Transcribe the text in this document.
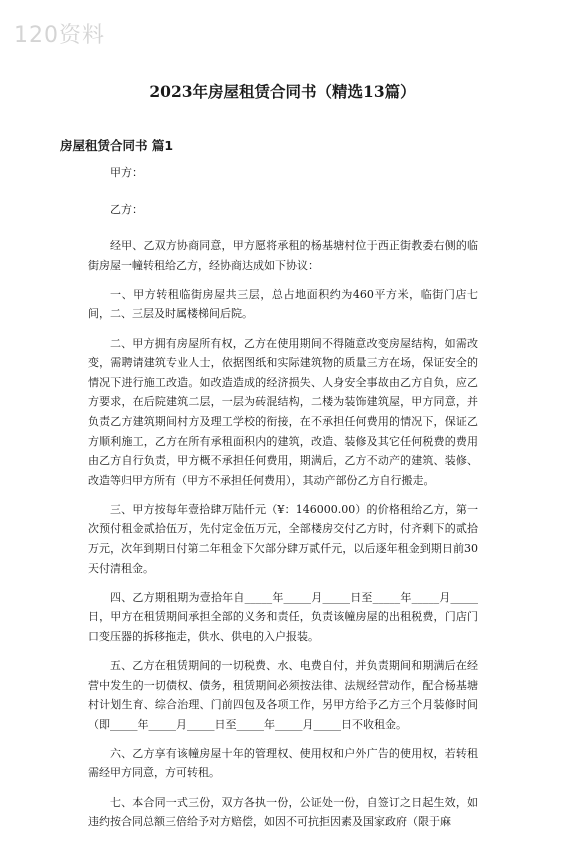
120资料
2023年房屋租赁合同书（精选13篇）
房屋租赁合同书 篇1

甲方：

乙方：

经甲、乙双方协商同意，甲方愿将承租的杨基塘村位于西正街教委右侧的临街房屋一幢转租给乙方，经协商达成如下协议：

一、甲方转租临街房屋共三层，总占地面积约为460平方米，临街门店七间，二、三层及时属楼梯间后院。

二、甲方拥有房屋所有权，乙方在使用期间不得随意改变房屋结构，如需改变，需聘请建筑专业人士，依据图纸和实际建筑物的质量三方在场，保证安全的情况下进行施工改造。如改造造成的经济损失、人身安全事故由乙方自负，应乙方要求，在后院建筑二层，一层为砖混结构，二楼为装饰建筑屋，甲方同意，并负责乙方建筑期间村方及理工学校的衔接，在不承担任何费用的情况下，保证乙方顺利施工，乙方在所有承租面积内的建筑，改造、装修及其它任何税费的费用由乙方自行负责，甲方概不承担任何费用，期满后，乙方不动产的建筑、装修、改造等归甲方所有（甲方不承担任何费用），其动产部份乙方自行搬走。

三、甲方按每年壹拾肆万陆仟元（¥：146000.00）的价格租给乙方，第一次预付租金贰拾伍万，先付定金伍万元，全部楼房交付乙方时，付齐剩下的贰拾万元，次年到期日付第二年租金下欠部分肆万贰仟元，以后逐年租金到期日前30天付清租金。

四、乙方期租期为壹拾年自_____年_____月_____日至_____年_____月_____日，甲方在租赁期间承担全部的义务和责任，负责该幢房屋的出租税费，门店门口变压器的拆移拖走，供水、供电的入户报装。

五、乙方在租赁期间的一切税费、水、电费自付，并负责期间和期满后在经营中发生的一切债权、债务，租赁期间必须按法律、法规经营动作，配合杨基塘村计划生育、综合治理、门前四包及各项工作，另甲方给予乙方三个月装修时间（即_____年_____月_____日至_____年_____月_____日不收租金。

六、乙方享有该幢房屋十年的管理权、使用权和户外广告的使用权，若转租需经甲方同意，方可转租。

七、本合同一式三份，双方各执一份，公证处一份，自签订之日起生效，如违约按合同总额三倍给予对方赔偿，如因不可抗拒因素及国家政府（限于麻
